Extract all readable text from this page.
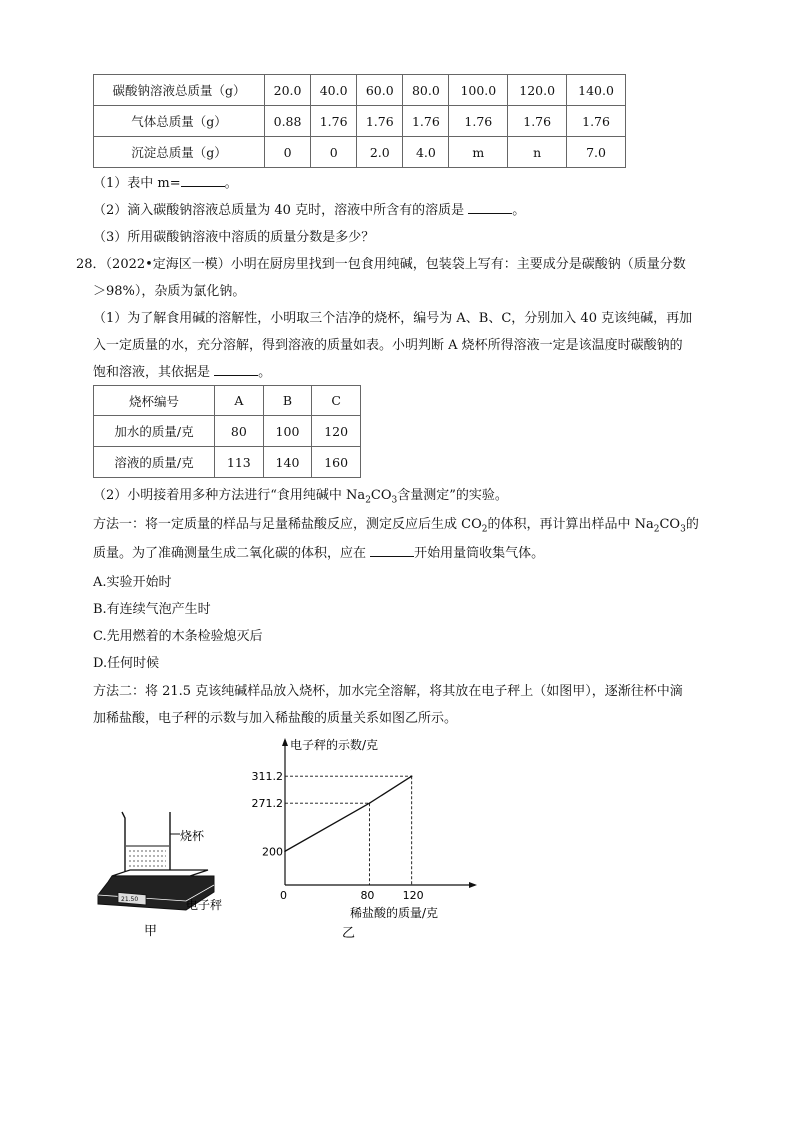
碳酸钠溶液总质量（g）	20.0	40.0	60.0	80.0	100.0	120.0	140.0
气体总质量（g）	0.88	1.76	1.76	1.76	1.76	1.76	1.76
沉淀总质量（g）	0	0	2.0	4.0	m	n	7.0
（1）表中 m=	。
（2）滴入碳酸钠溶液总质量为 40 克时，溶液中所含有的溶质是	。
（3）所用碳酸钠溶液中溶质的质量分数是多少？
28．（2022•定海区一模）小明在厨房里找到一包食用纯碱，包装袋上写有：主要成分是碳酸钠（质量分数
＞98%），杂质为氯化钠。
（1）为了解食用碱的溶解性，小明取三个洁净的烧杯，编号为 A、B、C，分别加入 40 克该纯碱，再加
入一定质量的水，充分溶解，得到溶液的质量如表。小明判断 A 烧杯所得溶液一定是该温度时碳酸钠的
饱和溶液，其依据是	。
烧杯编号	A	B	C
加水的质量/克	80	100	120
溶液的质量/克	113	140	160
（2）小明接着用多种方法进行“食用纯碱中 $Na_2CO_3$含量测定”的实验。
方法一：将一定质量的样品与足量稀盐酸反应，测定反应后生成 $CO_2$的体积，再计算出样品中 $Na_2CO_3$的
质量。为了准确测量生成二氧化碳的体积，应在	开始用量筒收集气体。
A.实验开始时
B.有连续气泡产生时
C.先用燃着的木条检验熄灭后
D.任何时候
方法二：将 21.5 克该纯碱样品放入烧杯，加水完全溶解，将其放在电子秤上（如图甲），逐渐往杯中滴
加稀盐酸，电子秤的示数与加入稀盐酸的质量关系如图乙所示。
烧杯
21.50	电子秤
甲
电子秤的示数/克
稀盐酸的质量/克
乙
0	80
271.2
120
311.2
200
